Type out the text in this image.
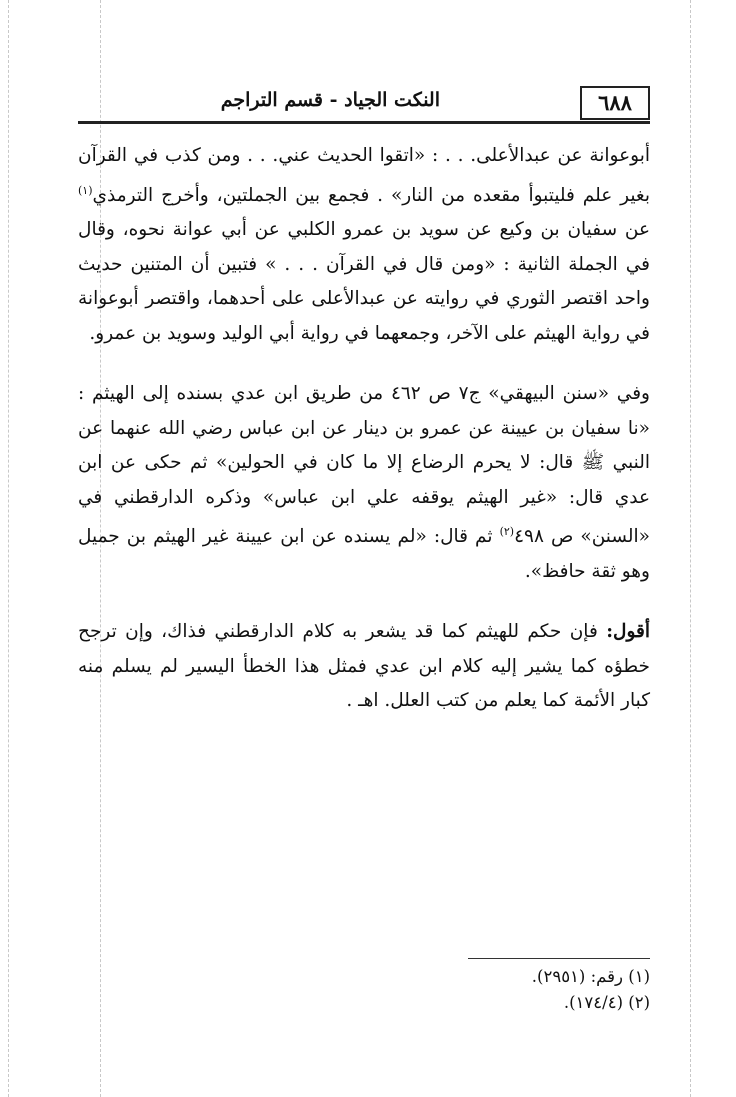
٦٨٨
النكت الجياد - قسم التراجم

أبوعوانة عن عبدالأعلى. . . : «اتقوا الحديث عني. . . ومن كذب في القرآن بغير علم فليتبوأ مقعده من النار» . فجمع بين الجملتين، وأخرج الترمذي$^{(١)}$ عن سفيان بن وكيع عن سويد بن عمرو الكلبي عن أبي عوانة نحوه، وقال في الجملة الثانية : «ومن قال في القرآن . . . » فتبين أن المتنين حديث واحد اقتصر الثوري في روايته عن عبدالأعلى على أحدهما، واقتصر أبوعوانة في رواية الهيثم على الآخر، وجمعهما في رواية أبي الوليد وسويد بن عمرو.

وفي «سنن البيهقي» ج٧ ص ٤٦٢ من طريق ابن عدي بسنده إلى الهيثم : «نا سفيان بن عيينة عن عمرو بن دينار عن ابن عباس رضي الله عنهما عن النبي ﷺ قال: لا يحرم الرضاع إلا ما كان في الحولين» ثم حكى عن ابن عدي قال: «غير الهيثم يوقفه علي ابن عباس» وذكره الدارقطني في «السنن» ص ٤٩٨$^{(٢)}$ ثم قال: «لم يسنده عن ابن عيينة غير الهيثم بن جميل وهو ثقة حافظ».

أقول: فإن حكم للهيثم كما قد يشعر به كلام الدارقطني فذاك، وإن ترجح خطؤه كما يشير إليه كلام ابن عدي فمثل هذا الخطأ اليسير لم يسلم منه كبار الأئمة كما يعلم من كتب العلل. اهـ .

(١) رقم: (٢٩٥١).

(٢) (١٧٤/٤).
